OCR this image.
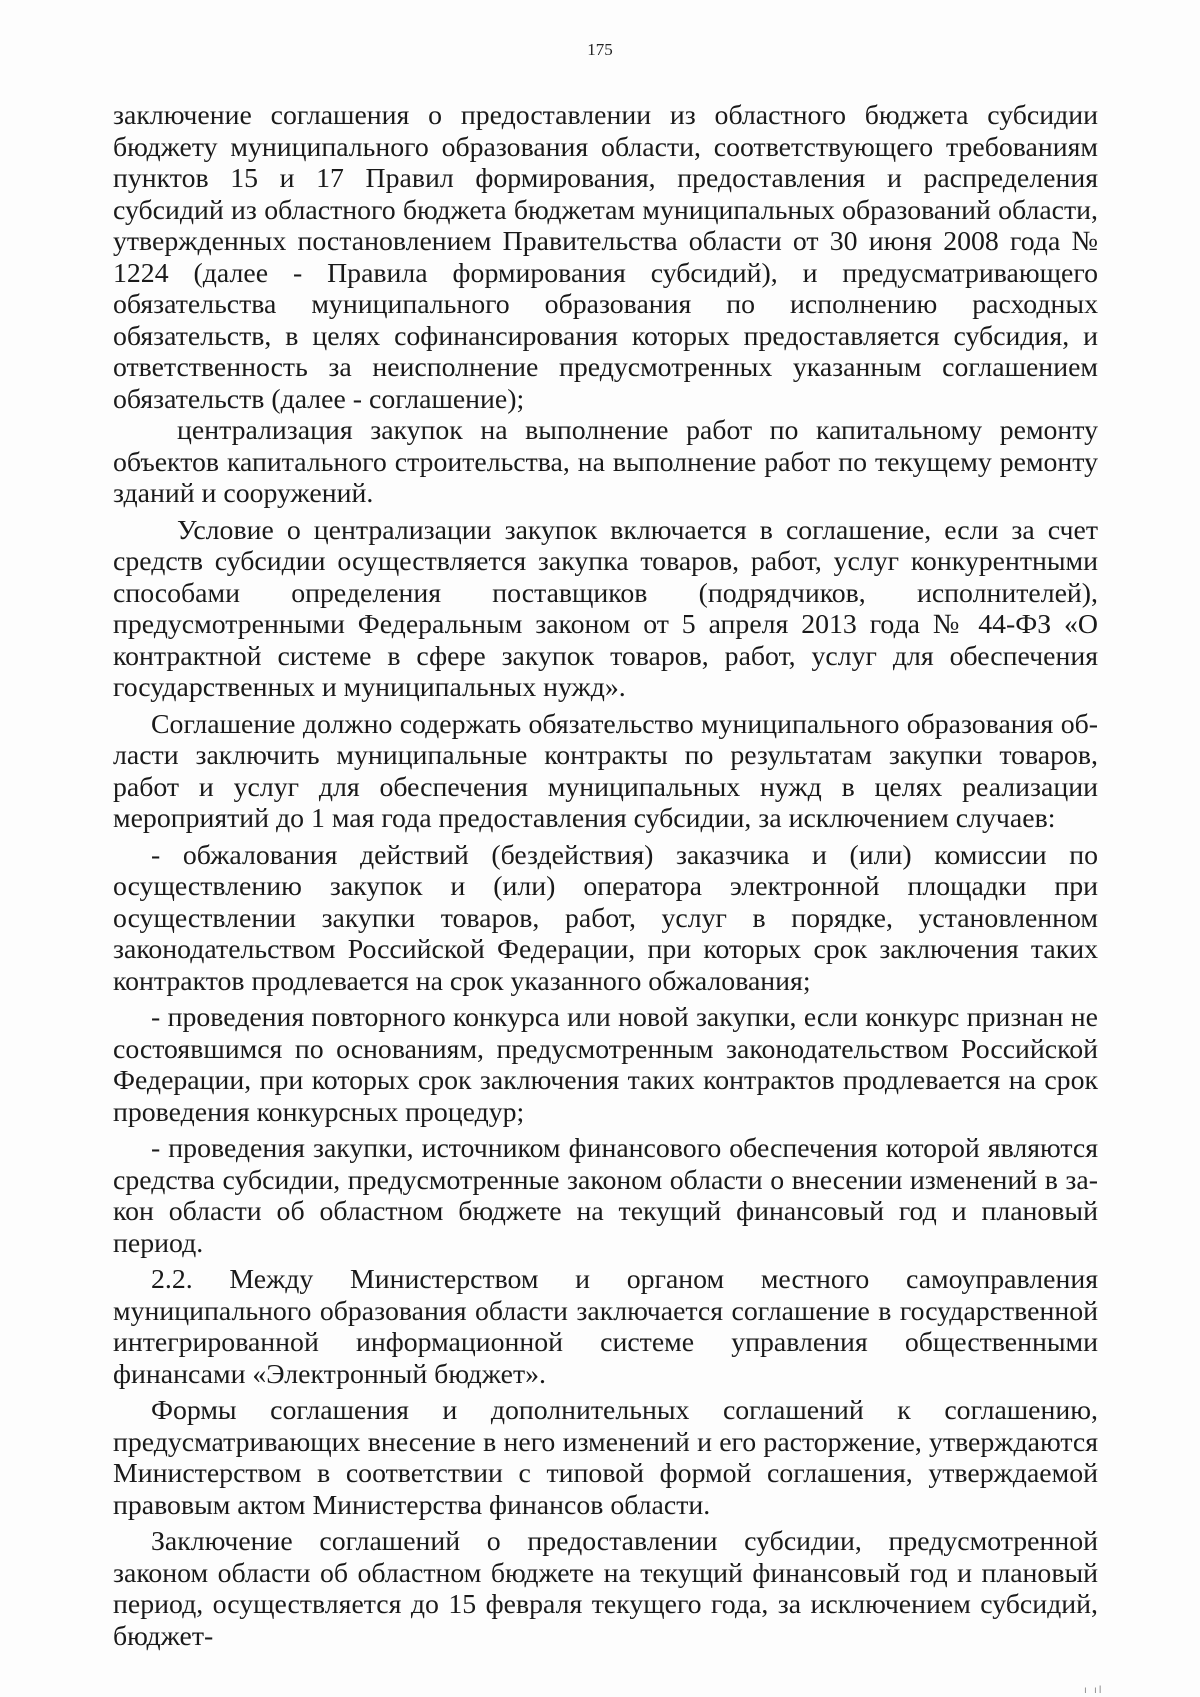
175

заключение соглашения о предоставлении из областного бюджета субсидии бюджету муниципального образования области, соответствующего требованиям пунктов 15 и 17 Правил формирования, предоставления и распределения субсидий из областного бюджета бюджетам муниципальных образований области, утвержденных постановлением Правительства области от 30 июня 2008 года № 1224 (далее - Правила формирования субсидий), и предусматривающего обязательства муниципального образования по исполнению расходных обязательств, в целях софинансирования которых предоставляется субсидия, и ответственность за неисполнение предусмотренных указанным соглашением обязательств (далее - соглашение);

централизация закупок на выполнение работ по капитальному ремонту объектов капитального строительства, на выполнение работ по текущему ремонту зданий и сооружений.

Условие о централизации закупок включается в соглашение, если за счет средств субсидии осуществляется закупка товаров, работ, услуг конкурентными способами определения поставщиков (подрядчиков, исполнителей), предусмотренными Федеральным законом от 5 апреля 2013 года № 44-ФЗ «О контрактной системе в сфере закупок товаров, работ, услуг для обеспечения государственных и муниципальных нужд».

Соглашение должно содержать обязательство муниципального образования области заключить муниципальные контракты по результатам закупки товаров, работ и услуг для обеспечения муниципальных нужд в целях реализации мероприятий до 1 мая года предоставления субсидии, за исключением случаев:

- обжалования действий (бездействия) заказчика и (или) комиссии по осуществлению закупок и (или) оператора электронной площадки при осуществлении закупки товаров, работ, услуг в порядке, установленном законодательством Российской Федерации, при которых срок заключения таких контрактов продлевается на срок указанного обжалования;

- проведения повторного конкурса или новой закупки, если конкурс признан не состоявшимся по основаниям, предусмотренным законодательством Российской Федерации, при которых срок заключения таких контрактов продлевается на срок проведения конкурсных процедур;

- проведения закупки, источником финансового обеспечения которой являются средства субсидии, предусмотренные законом области о внесении изменений в закон области об областном бюджете на текущий финансовый год и плановый период.

2.2. Между Министерством и органом местного самоуправления муниципального образования области заключается соглашение в государственной интегрированной информационной системе управления общественными финансами «Электронный бюджет».

Формы соглашения и дополнительных соглашений к соглашению, предусматривающих внесение в него изменений и его расторжение, утверждаются Министерством в соответствии с типовой формой соглашения, утверждаемой правовым актом Министерства финансов области.

Заключение соглашений о предоставлении субсидии, предусмотренной законом области об областном бюджете на текущий финансовый год и плановый период, осуществляется до 15 февраля текущего года, за исключением субсидий, бюджет-

ı ıl
